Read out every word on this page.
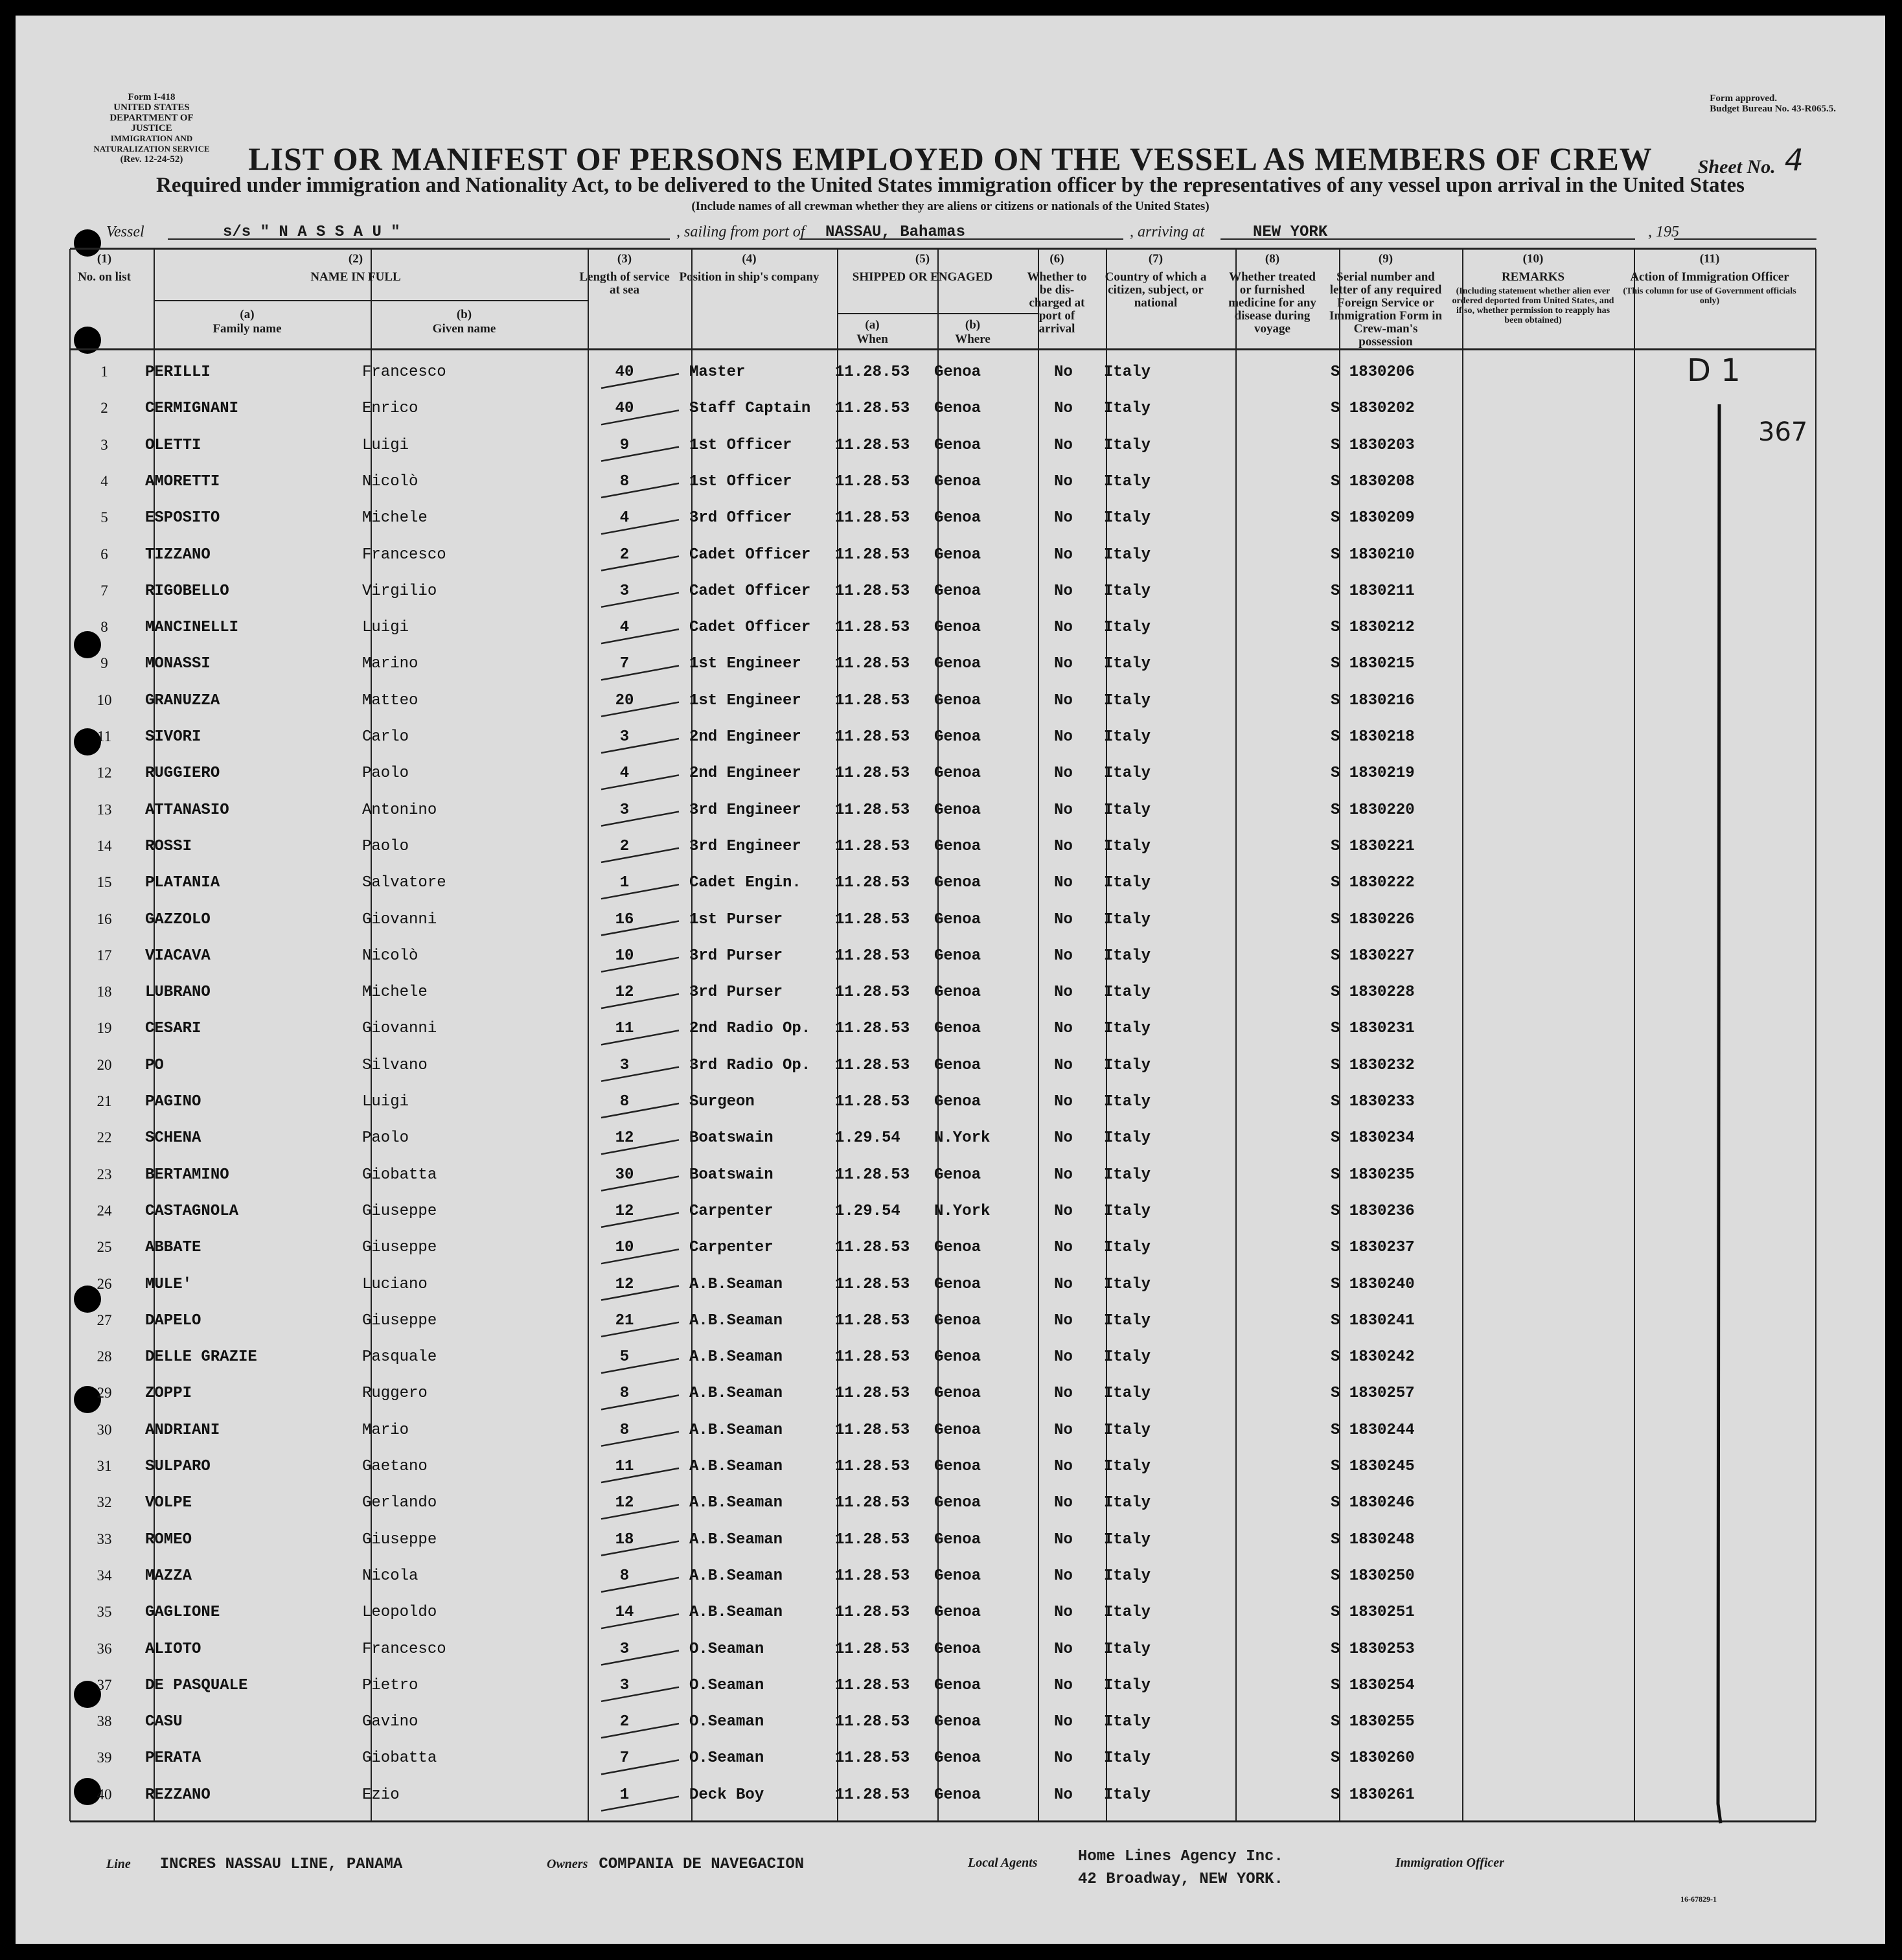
Form I-418
UNITED STATES DEPARTMENT OF JUSTICE
IMMIGRATION AND NATURALIZATION SERVICE
(Rev. 12-24-52)
Form approved.
Budget Bureau No. 43-R065.5.
Sheet No. 4
LIST OR MANIFEST OF PERSONS EMPLOYED ON THE VESSEL AS MEMBERS OF CREW
Required under immigration and Nationality Act, to be delivered to the United States immigration officer by the representatives of any vessel upon arrival in the United States
(Include names of all crewman whether they are aliens or citizens or nationals of the United States)
Vessel	s/s " N A S S A U "	, sailing from port of NASSAU, Bahamas	, arriving at	NEW YORK	, 195
(1)
No. on list
(2)
NAME IN FULL
(a)
Family name
(b)
Given name
(3)
Length of service at sea
(4)
Position in ship's company
(5)
SHIPPED OR ENGAGED
(a)
When
(b)
Where
(6)
Whether to be dis-charged at port of arrival
(7)
Country of which a citizen, subject, or national
(8)
Whether treated or furnished medicine for any disease during voyage
(9)
Serial number and letter of any required Foreign Service or Immigration Form in Crew-man's possession
(10)
REMARKS
(Including statement whether alien ever ordered deported from United States, and if so, whether permission to reapply has been obtained)
(11)
Action of Immigration Officer
(This column for use of Government officials only)
1	PERILLI	Francesco	40	Master	11.28.53 Genoa	No	Italy	S 1830206
2	CERMIGNANI	Enrico	40	Staff Captain 11.28.53 Genoa	No	Italy	S 1830202
3	OLETTI	Luigi	9	1st Officer	11.28.53 Genoa	No	Italy	S 1830203
4	AMORETTI	Nicolò	8	1st Officer	11.28.53 Genoa	No	Italy	S 1830208
5	ESPOSITO	Michele	4	3rd Officer	11.28.53 Genoa	No	Italy	S 1830209
6	TIZZANO	Francesco	2	Cadet Officer 11.28.53 Genoa	No	Italy	S 1830210
7	RIGOBELLO	Virgilio	3	Cadet Officer 11.28.53 Genoa	No	Italy	S 1830211
8	MANCINELLI	Luigi	4	Cadet Officer 11.28.53 Genoa	No	Italy	S 1830212
9	MONASSI	Marino	7	1st Engineer 11.28.53 Genoa	No	Italy	S 1830215
10	GRANUZZA	Matteo	20	1st Engineer 11.28.53 Genoa	No	Italy	S 1830216
11	SIVORI	Carlo	3	2nd Engineer 11.28.53 Genoa	No	Italy	S 1830218
12	RUGGIERO	Paolo	4	2nd Engineer 11.28.53 Genoa	No	Italy	S 1830219
13	ATTANASIO	Antonino	3	3rd Engineer 11.28.53 Genoa	No	Italy	S 1830220
14	ROSSI	Paolo	2	3rd Engineer 11.28.53 Genoa	No	Italy	S 1830221
15	PLATANIA	Salvatore	1	Cadet Engin. 11.28.53 Genoa	No	Italy	S 1830222
16	GAZZOLO	Giovanni	16	1st Purser	11.28.53 Genoa	No	Italy	S 1830226
17	VIACAVA	Nicolò	10	3rd Purser	11.28.53 Genoa	No	Italy	S 1830227
18	LUBRANO	Michele	12	3rd Purser	11.28.53 Genoa	No	Italy	S 1830228
19	CESARI	Giovanni	11	2nd Radio Op. 11.28.53 Genoa	No	Italy	S 1830231
20	PO	Silvano	3	3rd Radio Op. 11.28.53 Genoa	No	Italy	S 1830232
21	PAGINO	Luigi	8	Surgeon	11.28.53 Genoa	No	Italy	S 1830233
22	SCHENA	Paolo	12	Boatswain	1.29.54 N.York	No	Italy	S 1830234
23	BERTAMINO	Giobatta	30	Boatswain	11.28.53 Genoa	No	Italy	S 1830235
24	CASTAGNOLA	Giuseppe	12	Carpenter	1.29.54 N.York	No	Italy	S 1830236
25	ABBATE	Giuseppe	10	Carpenter	11.28.53 Genoa	No	Italy	S 1830237
26	MULE'	Luciano	12	A.B.Seaman	11.28.53 Genoa	No	Italy	S 1830240
27	DAPELO	Giuseppe	21	A.B.Seaman	11.28.53 Genoa	No	Italy	S 1830241
28	DELLE GRAZIE	Pasquale	5	A.B.Seaman	11.28.53 Genoa	No	Italy	S 1830242
29	ZOPPI	Ruggero	8	A.B.Seaman	11.28.53 Genoa	No	Italy	S 1830257
30	ANDRIANI	Mario	8	A.B.Seaman	11.28.53 Genoa	No	Italy	S 1830244
31	SULPARO	Gaetano	11	A.B.Seaman	11.28.53 Genoa	No	Italy	S 1830245
32	VOLPE	Gerlando	12	A.B.Seaman	11.28.53 Genoa	No	Italy	S 1830246
33	ROMEO	Giuseppe	18	A.B.Seaman	11.28.53 Genoa	No	Italy	S 1830248
34	MAZZA	Nicola	8	A.B.Seaman	11.28.53 Genoa	No	Italy	S 1830250
35	GAGLIONE	Leopoldo	14	A.B.Seaman	11.28.53 Genoa	No	Italy	S 1830251
36	ALIOTO	Francesco	3	O.Seaman	11.28.53 Genoa	No	Italy	S 1830253
37	DE PASQUALE	Pietro	3	O.Seaman	11.28.53 Genoa	No	Italy	S 1830254
38	CASU	Gavino	2	O.Seaman	11.28.53 Genoa	No	Italy	S 1830255
39	PERATA	Giobatta	7	O.Seaman	11.28.53 Genoa	No	Italy	S 1830260
40	REZZANO	Ezio	1	Deck Boy	11.28.53 Genoa	No	Italy	S 1830261
D 1
367
Line INCRES NASSAU LINE, PANAMA	Owners COMPANIA DE NAVEGACION	Local Agents	Home Lines Agency Inc.
42 Broadway, NEW YORK.
Immigration Officer
16-67829-1
